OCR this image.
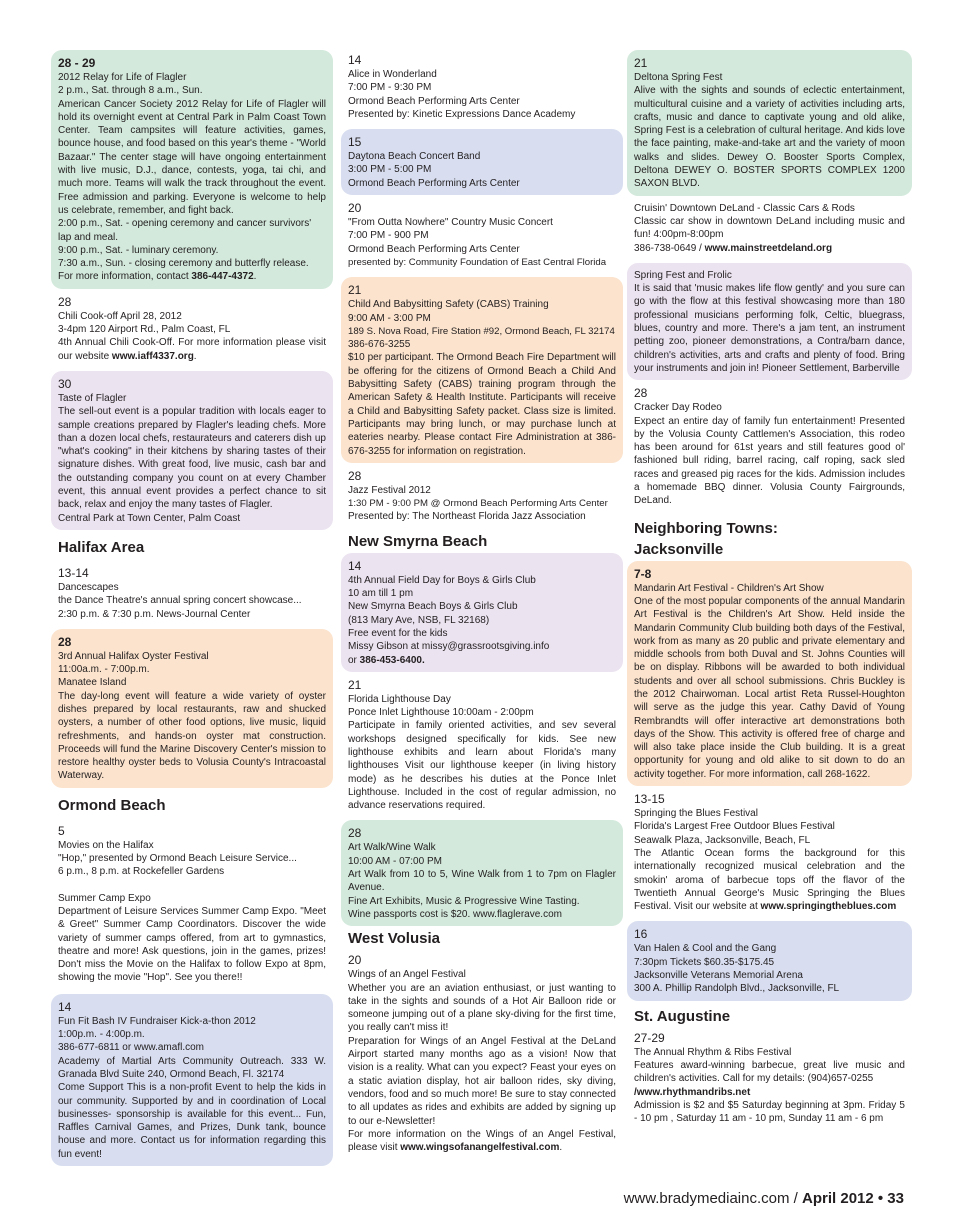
28 - 29

2012 Relay for Life of Flagler

2 p.m., Sat. through 8 a.m., Sun.

American Cancer Society 2012 Relay for Life of Flagler will hold its overnight event at Central Park in Palm Coast Town Center. Team campsites will feature activities, games, bounce house, and food based on this year's theme - "World Bazaar." The center stage will have ongoing entertainment with live music, D.J., dance, contests, yoga, tai chi, and much more. Teams will walk the track throughout the event. Free admission and parking. Everyone is welcome to help us celebrate, remember, and fight back.

2:00 p.m., Sat. - opening ceremony and cancer survivors' lap and meal.

9:00 p.m., Sat. - luminary ceremony.

7:30 a.m., Sun. - closing ceremony and butterfly release.

For more information, contact 386-447-4372.

28

Chili Cook-off April 28, 2012

3-4pm 120 Airport Rd., Palm Coast, FL

4th Annual Chili Cook-Off. For more information please visit our website www.iaff4337.org.

30

Taste of Flagler

The sell-out event is a popular tradition with locals eager to sample creations prepared by Flagler's leading chefs. More than a dozen local chefs, restaurateurs and caterers dish up "what's cooking" in their kitchens by sharing tastes of their signature dishes. With great food, live music, cash bar and the outstanding company you count on at every Chamber event, this annual event provides a perfect chance to sit back, relax and enjoy the many tastes of Flagler.

Central Park at Town Center, Palm Coast

Halifax Area

13-14

Dancescapes

the Dance Theatre's annual spring concert showcase...

2:30 p.m. & 7:30 p.m. News-Journal Center

28

3rd Annual Halifax Oyster Festival

11:00a.m. - 7:00p.m.

Manatee Island

The day-long event will feature a wide variety of oyster dishes prepared by local restaurants, raw and shucked oysters, a number of other food options, live music, liquid refreshments, and hands-on oyster mat construction. Proceeds will fund the Marine Discovery Center's mission to restore healthy oyster beds to Volusia County's Intracoastal Waterway.

Ormond Beach

5

Movies on the Halifax

"Hop," presented by Ormond Beach Leisure Service...

6 p.m., 8 p.m. at Rockefeller Gardens

Summer Camp Expo

Department of Leisure Services Summer Camp Expo. "Meet & Greet" Summer Camp Coordinators. Discover the wide variety of summer camps offered, from art to gymnastics, theatre and more! Ask questions, join in the games, prizes! Don't miss the Movie on the Halifax to follow Expo at 8pm, showing the movie "Hop". See you there!!

14

Fun Fit Bash IV Fundraiser Kick-a-thon 2012

1:00p.m. - 4:00p.m.

386-677-6811 or www.amafl.com

Academy of Martial Arts Community Outreach. 333 W. Granada Blvd Suite 240, Ormond Beach, Fl. 32174

Come Support This is a non-profit Event to help the kids in our community. Supported by and in coordination of Local businesses- sponsorship is available for this event... Fun, Raffles Carnival Games, and Prizes, Dunk tank, bounce house and more. Contact us for information regarding this fun event!

14

Alice in Wonderland

7:00 PM - 9:30 PM

Ormond Beach Performing Arts Center

Presented by: Kinetic Expressions Dance Academy

15

Daytona Beach Concert Band

3:00 PM - 5:00 PM

Ormond Beach Performing Arts Center

20

"From Outta Nowhere" Country Music Concert

7:00 PM - 900 PM

Ormond Beach Performing Arts Center

presented by: Community Foundation of East Central Florida

21

Child And Babysitting Safety (CABS) Training

9:00 AM - 3:00 PM

189 S. Nova Road, Fire Station #92, Ormond Beach, FL 32174

386-676-3255

$10 per participant. The Ormond Beach Fire Department will be offering for the citizens of Ormond Beach a Child And Babysitting Safety (CABS) training program through the American Safety & Health Institute. Participants will receive a Child and Babysitting Safety packet. Class size is limited. Participants may bring lunch, or may purchase lunch at eateries nearby. Please contact Fire Administration at 386-676-3255 for information on registration.

28

Jazz Festival 2012

1:30 PM - 9:00 PM @ Ormond Beach Performing Arts Center

Presented by: The Northeast Florida Jazz Association

New Smyrna Beach

14

4th Annual Field Day for Boys & Girls Club

10 am till 1 pm

New Smyrna Beach Boys & Girls Club

(813 Mary Ave, NSB, FL 32168)

Free event for the kids

Missy Gibson at missy@grassrootsgiving.info

or 386-453-6400.

21

Florida Lighthouse Day

Ponce Inlet Lighthouse 10:00am - 2:00pm

Participate in family oriented activities, and sev several workshops designed specifically for kids. See new lighthouse exhibits and learn about Florida's many lighthouses Visit our lighthouse keeper (in living history mode) as he describes his duties at the Ponce Inlet Lighthouse. Included in the cost of regular admission, no advance reservations required.

28

Art Walk/Wine Walk

10:00 AM - 07:00 PM

Art Walk from 10 to 5, Wine Walk from 1 to 7pm on Flagler Avenue.

Fine Art Exhibits, Music & Progressive Wine Tasting.

Wine passports cost is $20. www.flaglerave.com

West Volusia

20

Wings of an Angel Festival

Whether you are an aviation enthusiast, or just wanting to take in the sights and sounds of a Hot Air Balloon ride or someone jumping out of a plane sky-diving for the first time, you really can't miss it!

Preparation for Wings of an Angel Festival at the DeLand Airport started many months ago as a vision! Now that vision is a reality. What can you expect? Feast your eyes on a static aviation display, hot air balloon rides, sky diving, vendors, food and so much more! Be sure to stay connected to all updates as rides and exhibits are added by signing up to our e-Newsletter!

For more information on the Wings of an Angel Festival, please visit www.wingsofanangelfestival.com.

21

Deltona Spring Fest

Alive with the sights and sounds of eclectic entertainment, multicultural cuisine and a variety of activities including arts, crafts, music and dance to captivate young and old alike, Spring Fest is a celebration of cultural heritage. And kids love the face painting, make-and-take art and the variety of moon walks and slides. Dewey O. Booster Sports Complex, Deltona DEWEY O. BOSTER SPORTS COMPLEX 1200 SAXON BLVD.

Cruisin' Downtown DeLand - Classic Cars & Rods

Classic car show in downtown DeLand including music and fun! 4:00pm-8:00pm

386-738-0649 / www.mainstreetdeland.org

Spring Fest and Frolic

It is said that 'music makes life flow gently' and you sure can go with the flow at this festival showcasing more than 180 professional musicians performing folk, Celtic, bluegrass, blues, country and more. There's a jam tent, an instrument petting zoo, pioneer demonstrations, a Contra/barn dance, children's activities, arts and crafts and plenty of food. Bring your instruments and join in! Pioneer Settlement, Barberville

28

Cracker Day Rodeo

Expect an entire day of family fun entertainment! Presented by the Volusia County Cattlemen's Association, this rodeo has been around for 61st years and still features good ol' fashioned bull riding, barrel racing, calf roping, sack sled races and greased pig races for the kids. Admission includes a homemade BBQ dinner. Volusia County Fairgrounds, DeLand.

Neighboring Towns:
Jacksonville

7-8

Mandarin Art Festival - Children's Art Show

One of the most popular components of the annual Mandarin Art Festival is the Children's Art Show. Held inside the Mandarin Community Club building both days of the Festival, work from as many as 20 public and private elementary and middle schools from both Duval and St. Johns Counties will be on display. Ribbons will be awarded to both individual students and over all school submissions. Chris Buckley is the 2012 Chairwoman. Local artist Reta Russel-Houghton will serve as the judge this year. Cathy David of Young Rembrandts will offer interactive art demonstrations both days of the Show. This activity is offered free of charge and will also take place inside the Club building. It is a great opportunity for young and old alike to sit down to do an activity together. For more information, call 268-1622.

13-15

Springing the Blues Festival

Florida's Largest Free Outdoor Blues Festival

Seawalk Plaza, Jacksonville, Beach, FL

The Atlantic Ocean forms the background for this internationally recognized musical celebration and the smokin' aroma of barbecue tops off the flavor of the Twentieth Annual George's Music Springing the Blues Festival. Visit our website at www.springingtheblues.com

16

Van Halen & Cool and the Gang

7:30pm Tickets $60.35-$175.45

Jacksonville Veterans Memorial Arena

300 A. Phillip Randolph Blvd., Jacksonville, FL

St. Augustine

27-29

The Annual Rhythm & Ribs Festival

Features award-winning barbecue, great live music and children's activities. Call for my details: (904)657-0255

/www.rhythmandribs.net

Admission is $2 and $5 Saturday beginning at 3pm. Friday 5 - 10 pm , Saturday 11 am - 10 pm, Sunday 11 am - 6 pm

www.bradymediainc.com / April 2012 • 33
